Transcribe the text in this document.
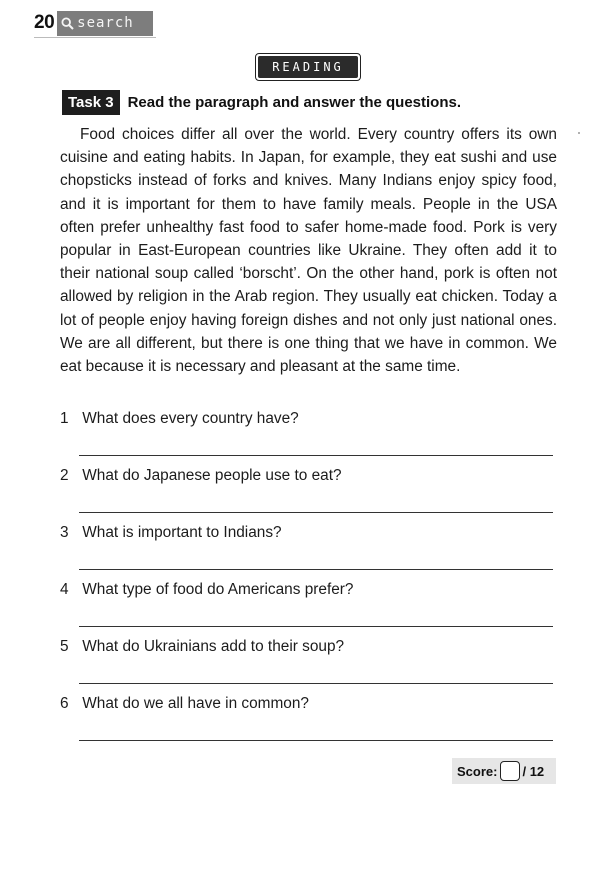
20 search
READING
Task 3 Read the paragraph and answer the questions.

Food choices differ all over the world. Every country offers its own cuisine and eating habits. In Japan, for example, they eat sushi and use chopsticks instead of forks and knives. Many Indians enjoy spicy food, and it is important for them to have family meals. People in the USA often prefer unhealthy fast food to safer home-made food. Pork is very popular in East-European countries like Ukraine. They often add it to their national soup called ‘borscht’. On the other hand, pork is often not allowed by religion in the Arab region. They usually eat chicken. Today a lot of people enjoy having foreign dishes and not only just national ones. We are all different, but there is one thing that we have in common. We eat because it is necessary and pleasant at the same time.

1 What does every country have?
2 What do Japanese people use to eat?
3 What is important to Indians?
4 What type of food do Americans prefer?
5 What do Ukrainians add to their soup?
6 What do we all have in common?
Score: / 12
